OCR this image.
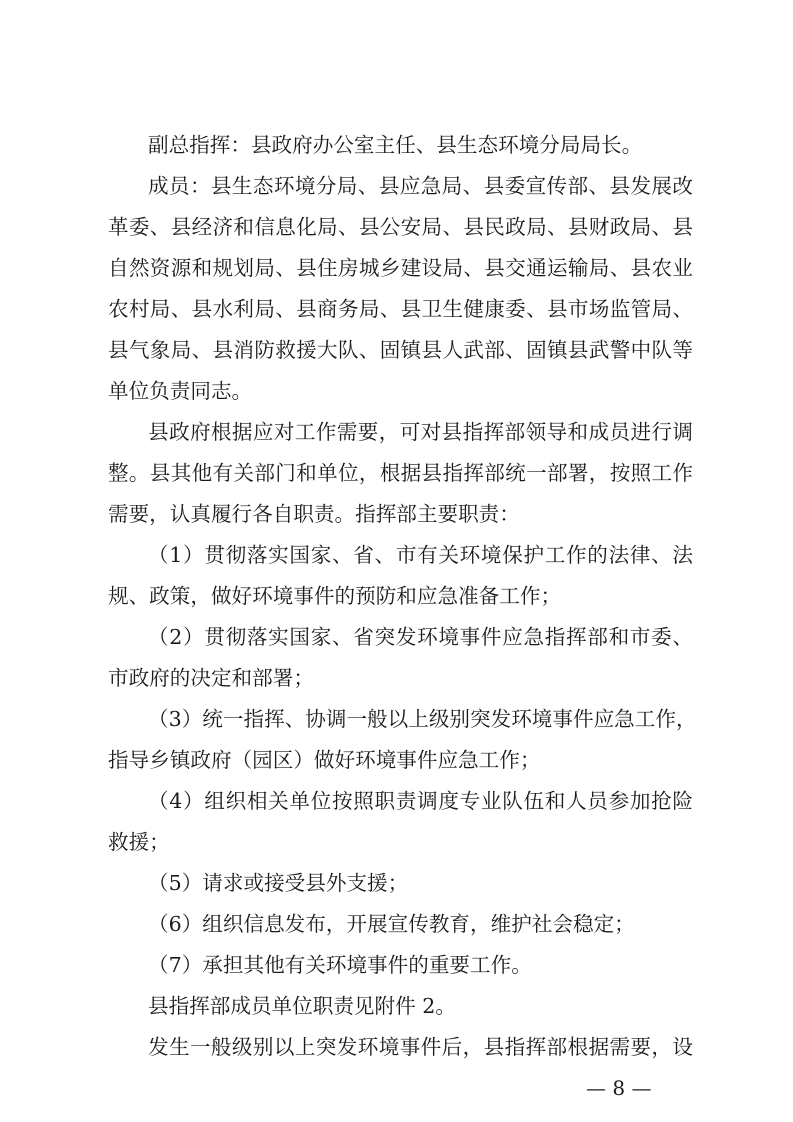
副总指挥：县政府办公室主任、县生态环境分局局长。
成员：县生态环境分局、县应急局、县委宣传部、县发展改
革委、县经济和信息化局、县公安局、县民政局、县财政局、县
自然资源和规划局、县住房城乡建设局、县交通运输局、县农业
农村局、县水利局、县商务局、县卫生健康委、县市场监管局、
县气象局、县消防救援大队、固镇县人武部、固镇县武警中队等
单位负责同志。
县政府根据应对工作需要，可对县指挥部领导和成员进行调
整。县其他有关部门和单位，根据县指挥部统一部署，按照工作
需要，认真履行各自职责。指挥部主要职责：
（1）贯彻落实国家、省、市有关环境保护工作的法律、法
规、政策，做好环境事件的预防和应急准备工作；
（2）贯彻落实国家、省突发环境事件应急指挥部和市委、
市政府的决定和部署；
（3）统一指挥、协调一般以上级别突发环境事件应急工作，
指导乡镇政府（园区）做好环境事件应急工作；
（4）组织相关单位按照职责调度专业队伍和人员参加抢险
救援；
（5）请求或接受县外支援；
（6）组织信息发布，开展宣传教育，维护社会稳定；
（7）承担其他有关环境事件的重要工作。
县指挥部成员单位职责见附件 2。
发生一般级别以上突发环境事件后，县指挥部根据需要，设
— 8 —
